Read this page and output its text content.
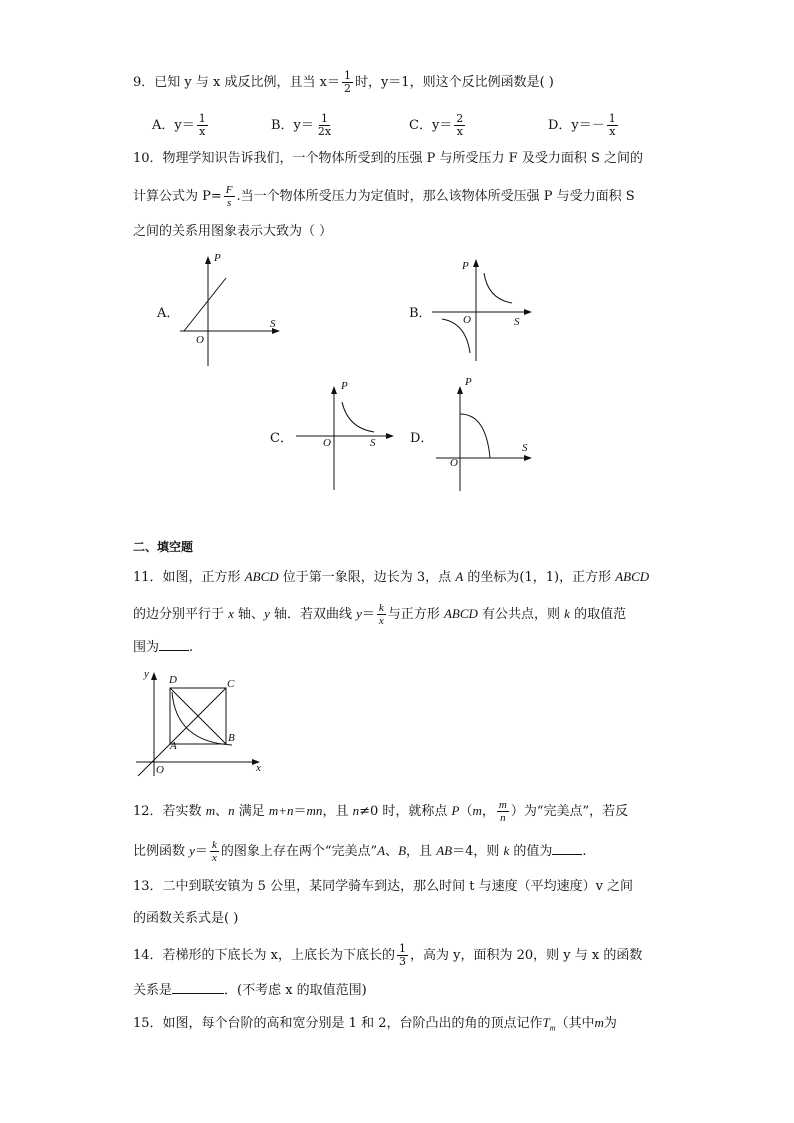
9．已知 y 与 x 成反比例，且当 $x= \frac{1}{2}$ 时，y＝1，则这个反比例函数是( )
A．$y= \frac{1}{x}$	B．$y= \frac{1}{2x}$	C．$y= \frac{2}{x}$	D．$y=- \frac{1}{x}$
10．物理学知识告诉我们，一个物体所受到的压强 P 与所受压力 F 及受力面积 S 之间的
计算公式为 $P= \frac{F}{s}$ .当一个物体所受压力为定值时，那么该物体所受压强 P 与受力面积 S
之间的关系用图象表示大致为（ ）
A．
P
S
O
B．
P
S
O
C．
P
S
O	D．
P
S
O
二、填空题
11．如图，正方形 ABCD 位于第一象限，边长为 3，点 A 的坐标为(1，1)，正方形 ABCD
的边分别平行于 x 轴、y 轴．若双曲线 $y= \frac{k}{x}$ 与正方形 ABCD 有公共点，则 k 的取值范
围为 .
y
x
O
A
B
C
D
12．若实数 m、n 满足 m+n＝mn，且 n≠0 时，就称点 P（m， $\frac{m}{n}$ ）为“完美点”，若反
比例函数 $y= \frac{k}{x}$ 的图象上存在两个“完美点”A、B，且 AB＝4，则 k 的值为 .
13．二中到联安镇为 5 公里，某同学骑车到达，那么时间 t 与速度（平均速度）v 之间
的函数关系式是( )
14．若梯形的下底长为 x，上底长为下底长的 $\frac{1}{3}$ ，高为 y，面积为 20，则 y 与 x 的函数
关系是	．(不考虑 x 的取值范围)
15．如图，每个台阶的高和宽分别是 1 和 2，台阶凸出的角的顶点记作$T_m$（其中m为
